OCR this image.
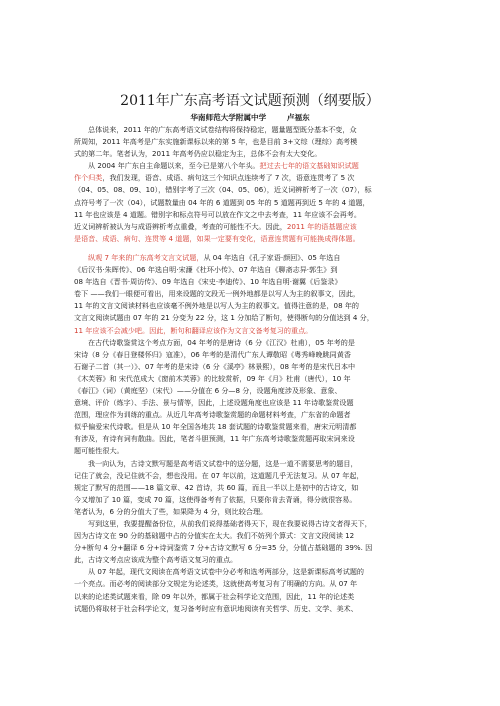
2011年广东高考语文试题预测（纲要版）
华南师范大学附属中学	卢福东
总体说来，2011 年的广东高考语文试卷结构将保持稳定，题量题型既分基本不变，众
所周知，2011 年高考是广东实施新课标以来的第 5 年，也是目前 3+文综（理综）高考模
式的第二年。笔者认为，2011 年高考仍应以稳定为主，总体不会有太大变化。
从 2004 年广东自主命题以来，至今已是第八个年头。把过去七年的语文基础知识试题
作个归类，我们发现，语音、成语、病句这三个知识点连续考了 7 次，语意连贯考了 5 次
（04、05、08、09、10），错别字考了三次（04、05、06），近义词辨析考了一次（07），标
点符号考了一次（04），试题数量由 04 年的 6 道题到 05 年的 5 道题再到近 5 年的 4 道题，
11 年也应该是 4 道题。错别字和标点符号可以放在作文之中去考查，11 年应该不会再考。
近义词辨析被认为与成语辨析考点重叠，考查的可能性不大。因此，2011 年的语基题应该
是语音、成语、病句、连贯等 4 道题，如果一定要有变化，语意连贯题有可能换成得体题。
纵观 7 年来的广东高考文言文试题，从 04 年选自《孔子家语·颜回》、05 年选自
《后汉书·朱晖传》、06 年选自明·宋濂《杜环小传》、07 年选自《聊斋志异·郭生》到
08 年选自《晋书·周访传》、09 年选自《宋史·李迪传》、10 年选自明·谢翼《后鉴录》
卷下 ——我们一眼便可看出，用来设题的文段无一例外地都是以写人为主的叙事文，因此，
11 年的文言文阅读材料也应该毫不例外地是以写人为主的叙事文。值得注意的是，08 年的
文言文阅读试题由 07 年的 21 分变为 22 分，这 1 分加给了断句，使得断句的分值达到 4 分，
11 年应该不会减少吧。因此，断句和翻译应该作为文言文备考复习的重点。
在古代诗歌鉴赏这个考点方面，04 年考的是唐诗（6 分《江汉》杜甫），05 年考的是
宋诗（8 分《春日登楼怀归》寇准），06 年考的是清代广东人谭敬昭《粤秀峰晚眺同黄香
石谢子二首（其一）》、07 年考的是宋诗（6 分《溪亭》林景熙），08 年考的是宋代吕本中
《木芙蓉》和 宋代范成大《窗前木芙蓉》的比较赏析，09 年《月》杜甫（唐代），10 年
《春江》（词）（黄庭坚）（宋代）——分值在 6 分—8 分，设题角度涉及形象、意象、
意境、评价（炼字）、手法、景与情等，因此，上述设题角度也应该是 11 年诗歌鉴赏设题
范围，理应作为训练的重点。从近几年高考诗歌鉴赏题的命题材料考查，广东省的命题者
似乎偏爱宋代诗歌。但是从 10 年全国各地共 18 套试题的诗歌鉴赏题来看，唐宋元明清都
有涉及，有诗有词有散曲。因此，笔者斗胆预测，11 年广东高考诗歌鉴赏题再取宋词来设
题可能性很大。
我一向认为，古诗文默写题是高考语文试卷中的送分题，这是一道不需要思考的题目，
记住了就会，没记住就不会，想也没用。在 07 年以前，这道题几乎无法复习。从 07 年起，
规定了默写的范围——18 篇文章、42 首诗，共 60 篇，而且一半以上是初中的古诗文，如
今又增加了 10 篇，变成 70 篇，这使得备考有了依据，只要你肯去背诵，得分就很容易。
笔者认为，6 分的分值大了些，如果降为 4 分，则比较合理。
写到这里，我要提醒备份位，从前我们说得基础者得天下，现在我要说得古诗文者得天下，
因为古诗文在 90 分的基础题中占的分值实在太大。我们不妨列个算式：文言文段阅读 12
分+断句 4 分+翻译 6 分+诗词鉴赏 7 分+古诗文默写 6 分=35 分，分值占基础题的 39%. 因
此，古诗文考点应该成为整个高考语文复习的重点。
从 07 年起，现代文阅读在高考语文试卷中分必考和选考两部分，这是新课标高考试题的
一个亮点。而必考的阅读部分文规定为论述类，这就使高考复习有了明确的方向。从 07 年
以来的论述类试题来看，除 09 年以外，都属于社会科学论文范围，因此，11 年的论述类
试题仍将取材于社会科学论文，复习备考时应有意识地阅读有关哲学、历史、文学、美术、
